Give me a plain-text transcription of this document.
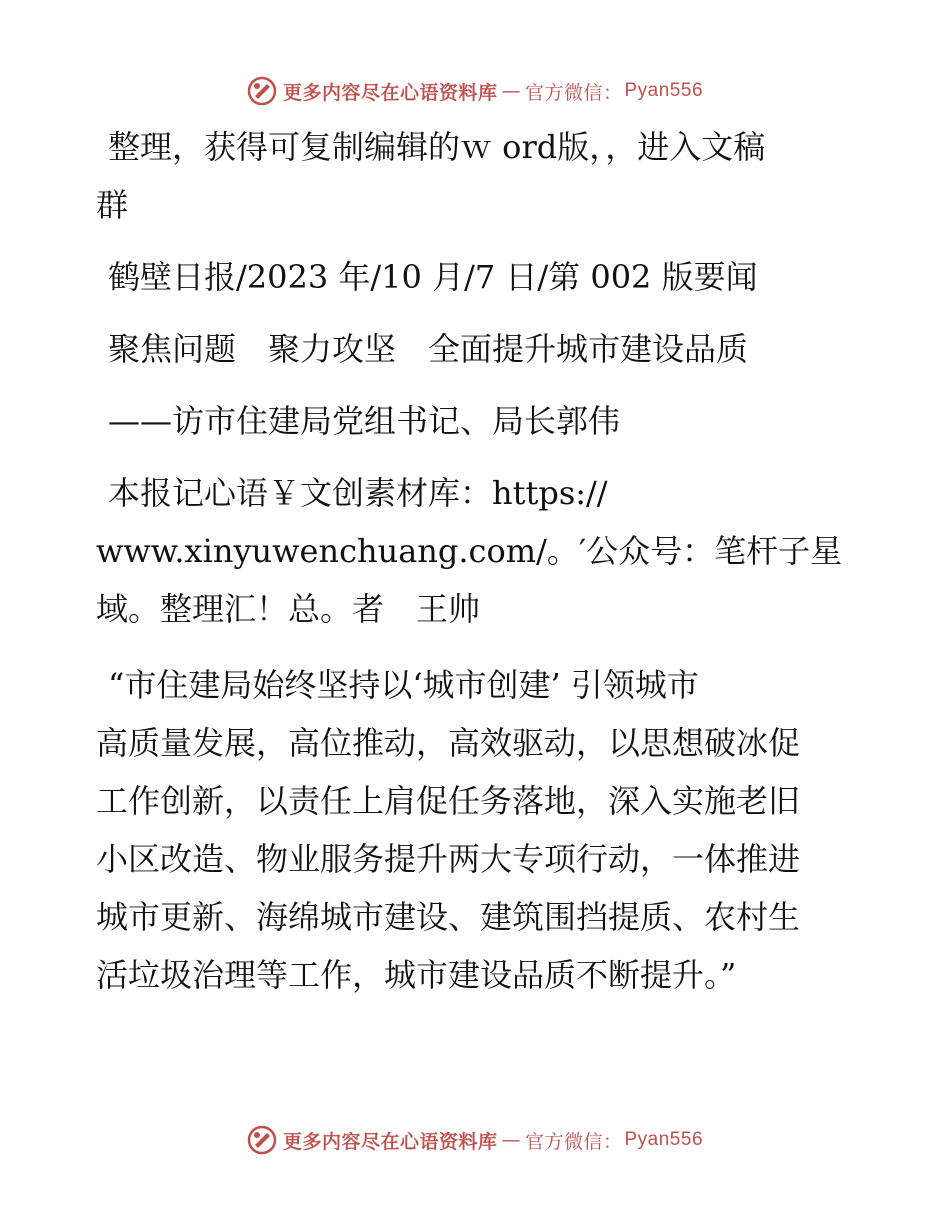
更多内容尽在心语资料库 — 官方微信： Pyan556

整理，获得可复制编辑的ｗ ord版，，进入文稿

群

鹤壁日报/2023 年/10 月/7 日/第 002 版要闻

聚焦问题　聚力攻坚　全面提升城市建设品质

——访市住建局党组书记、局长郭伟

本报记心语￥文创素材库：https://

www.xinyuwenchuang.com/。′公众号：笔杆子星

域。整理汇！总。者　王帅

“市住建局始终坚持以‘城市创建’ 引领城市

高质量发展，高位推动，高效驱动，以思想破冰促

工作创新，以责任上肩促任务落地，深入实施老旧

小区改造、物业服务提升两大专项行动，一体推进

城市更新、海绵城市建设、建筑围挡提质、农村生

活垃圾治理等工作，城市建设品质不断提升。”

更多内容尽在心语资料库 — 官方微信： Pyan556
